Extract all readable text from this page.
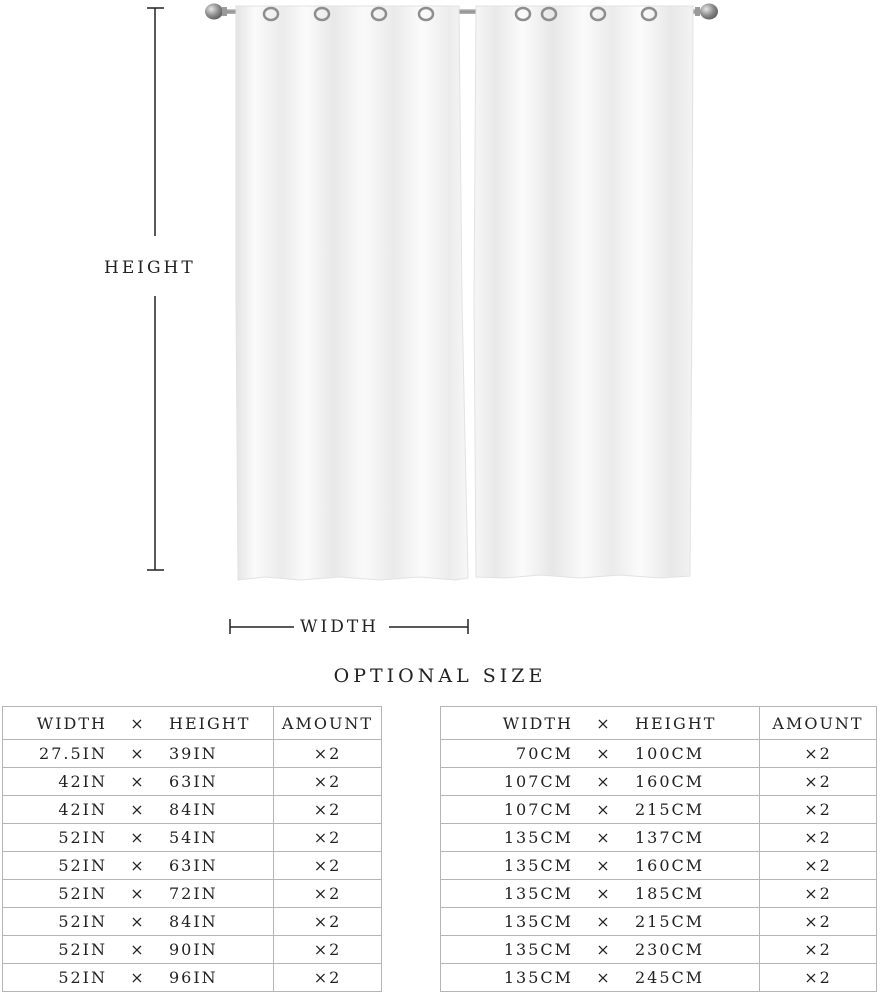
HEIGHT
WIDTH
OPTIONAL SIZE
WIDTH × HEIGHT	AMOUNT

27.5IN × 39IN	×2

42IN × 63IN	×2

42IN × 84IN	×2

52IN × 54IN	×2

52IN × 63IN	×2

52IN × 72IN	×2

52IN × 84IN	×2

52IN × 90IN	×2

52IN × 96IN	×2
WIDTH × HEIGHT	AMOUNT

70CM × 100CM	×2

107CM × 160CM	×2

107CM × 215CM	×2

135CM × 137CM	×2

135CM × 160CM	×2

135CM × 185CM	×2

135CM × 215CM	×2

135CM × 230CM	×2

135CM × 245CM	×2
